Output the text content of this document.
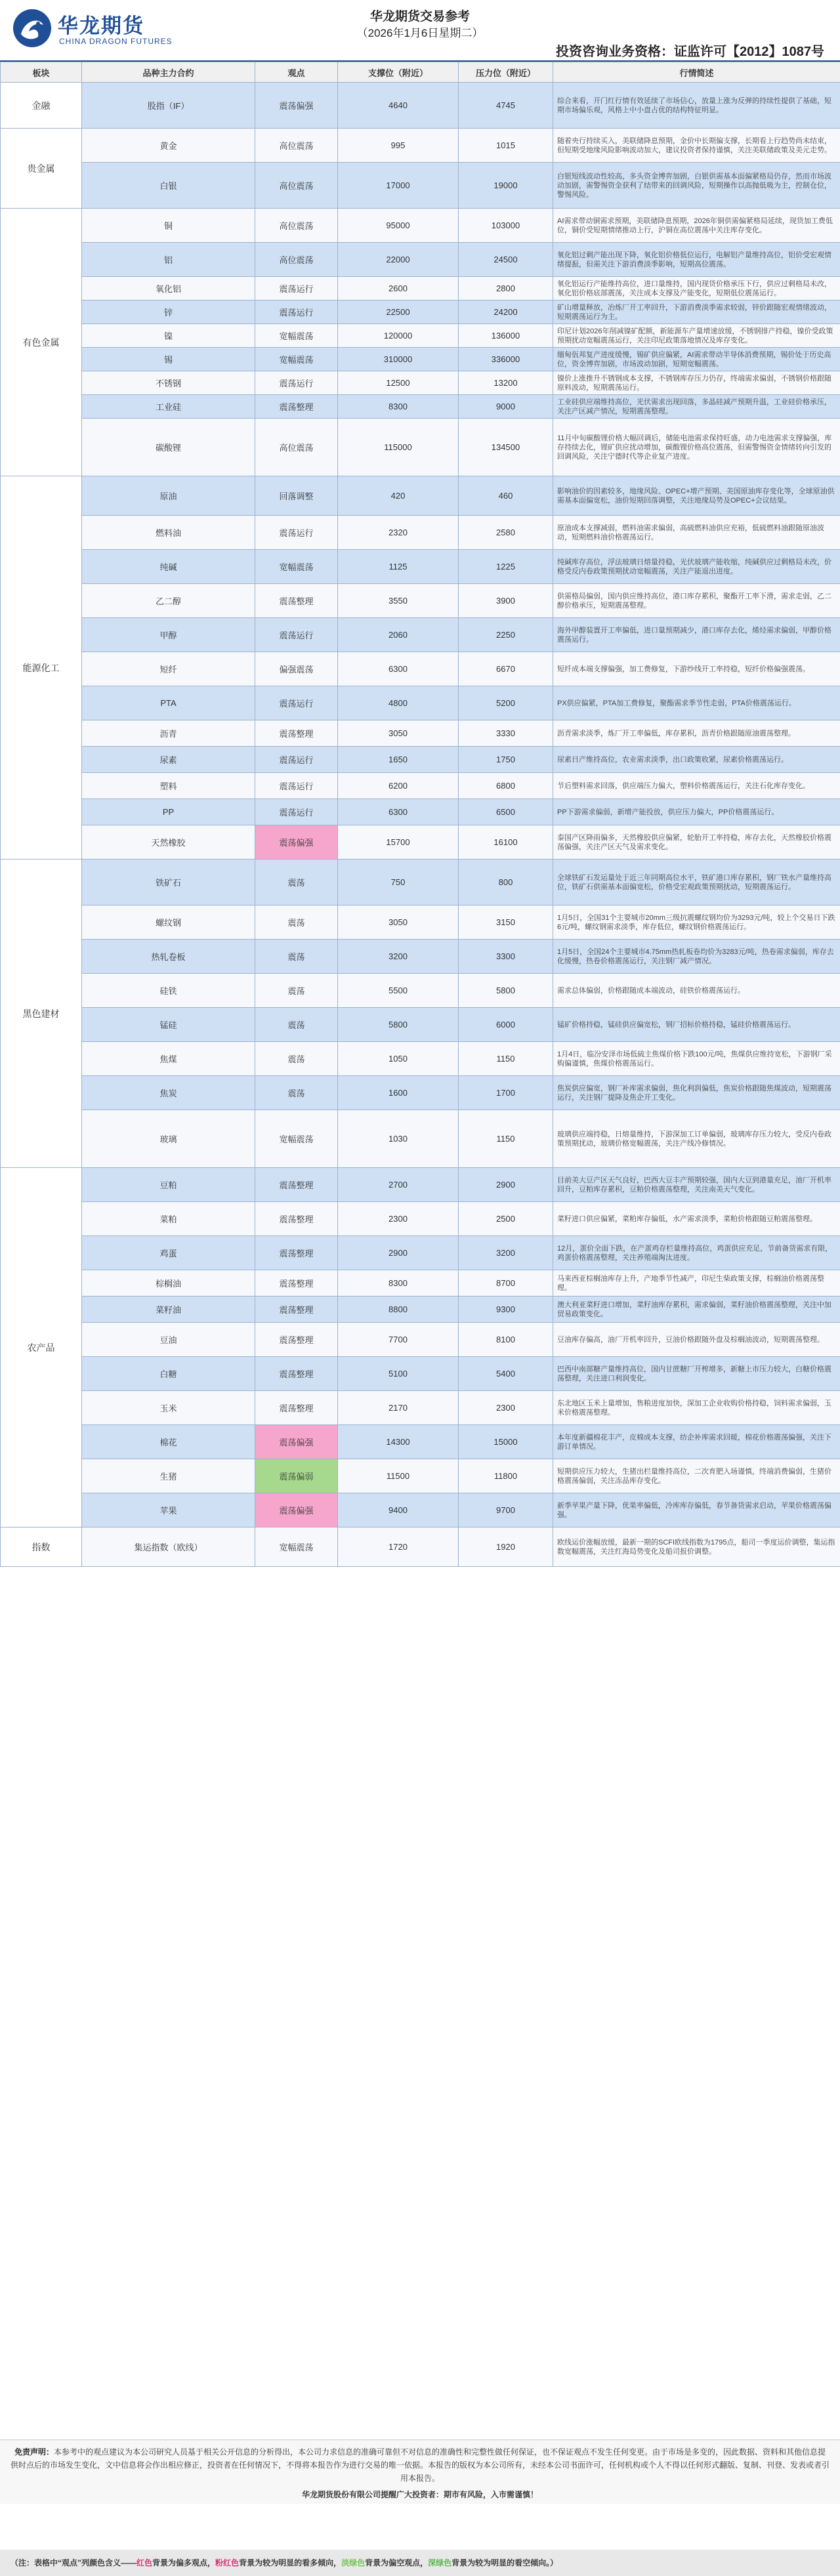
华龙期货
CHINA DRAGON FUTURES
华龙期货交易参考
（2026年1月6日星期二）
投资咨询业务资格：证监许可【2012】1087号
板块	品种主力合约	观点	支撑位（附近）	压力位（附近）	行情简述
金融	股指（IF）	震荡偏强	4640	4745	综合来看，开门红行情有效延续了市场信心，放量上涨为反弹的持续性提供了基础，短期市场偏乐观，风格上中小盘占优的结构特征明显。
贵金属	黄金	高位震荡	995	1015	随着央行持续买入，美联储降息预期，金价中长期偏支撑，长期看上行趋势尚未结束，但短期受地缘风险影响波动加大，建议投资者保持谨慎，关注美联储政策及美元走势。
	白银	高位震荡	17000	19000	白银短线波动性较高，多头资金博弈加剧，白银供需基本面偏紧格局仍存，然而市场波动加剧，需警惕资金获利了结带来的回调风险，短期操作以高抛低吸为主，控制仓位，警惕风险。
有色金属	铜	高位震荡	95000	103000	AI需求带动铜需求预期，美联储降息预期，2026年铜供需偏紧格局延续，现货加工费低位，铜价受短期情绪推动上行，沪铜在高位震荡中关注库存变化。
	铝	高位震荡	22000	24500	氧化铝过剩产能出现下降，氧化铝价格低位运行，电解铝产量维持高位，铝价受宏观情绪提振，但需关注下游消费淡季影响，短期高位震荡。
	氧化铝	震荡运行	2600	2800	氧化铝运行产能维持高位，进口量维持，国内现货价格承压下行，供应过剩格局未改，氧化铝价格底部震荡，关注成本支撑及产能变化，短期低位震荡运行。
	锌	震荡运行	22500	24200	矿山增量释放，冶炼厂开工率回升，下游消费淡季需求较弱，锌价跟随宏观情绪波动，短期震荡运行为主。
	镍	宽幅震荡	120000	136000	印尼计划2026年削减镍矿配额，新能源车产量增速放缓，不锈钢排产持稳，镍价受政策预期扰动宽幅震荡运行，关注印尼政策落地情况及库存变化。
	锡	宽幅震荡	310000	336000	缅甸佤邦复产进度缓慢，锡矿供应偏紧，AI需求带动半导体消费预期，锡价处于历史高位，资金博弈加剧，市场波动加剧，短期宽幅震荡。
	不锈钢	震荡运行	12500	13200	镍价上涨推升不锈钢成本支撑，不锈钢库存压力仍存，终端需求偏弱，不锈钢价格跟随原料波动，短期震荡运行。
	工业硅	震荡整理	8300	9000	工业硅供应端维持高位，光伏需求出现回落，多晶硅减产预期升温，工业硅价格承压，关注产区减产情况，短期震荡整理。
	碳酸锂	高位震荡	115000	134500	11月中旬碳酸锂价格大幅回调后，储能电池需求保持旺盛，动力电池需求支撑偏强，库存持续去化，锂矿供应扰动增加，碳酸锂价格高位震荡，但需警惕资金情绪转向引发的回调风险，关注宁德时代等企业复产进度。
能源化工	原油	回落调整	420	460	影响油价的因素较多，地缘风险、OPEC+增产预期、美国原油库存变化等，全球原油供需基本面偏宽松，油价短期回落调整，关注地缘局势及OPEC+会议结果。
	燃料油	震荡运行	2320	2580	原油成本支撑减弱，燃料油需求偏弱，高硫燃料油供应充裕，低硫燃料油跟随原油波动，短期燃料油价格震荡运行。
	纯碱	宽幅震荡	1125	1225	纯碱库存高位，浮法玻璃日熔量持稳，光伏玻璃产能收缩，纯碱供应过剩格局未改，价格受反内卷政策预期扰动宽幅震荡，关注产能退出进度。
	乙二醇	震荡整理	3550	3900	供需格局偏弱，国内供应维持高位，港口库存累积，聚酯开工率下滑，需求走弱，乙二醇价格承压，短期震荡整理。
	甲醇	震荡运行	2060	2250	海外甲醇装置开工率偏低，进口量预期减少，港口库存去化，烯烃需求偏弱，甲醇价格震荡运行。
	短纤	偏强震荡	6300	6670	短纤成本端支撑偏强，加工费修复，下游纱线开工率持稳，短纤价格偏强震荡。
	PTA	震荡运行	4800	5200	PX供应偏紧，PTA加工费修复，聚酯需求季节性走弱，PTA价格震荡运行。
	沥青	震荡整理	3050	3330	沥青需求淡季，炼厂开工率偏低，库存累积，沥青价格跟随原油震荡整理。
	尿素	震荡运行	1650	1750	尿素日产维持高位，农业需求淡季，出口政策收紧，尿素价格震荡运行。
	塑料	震荡运行	6200	6800	节后塑料需求回落，供应端压力偏大，塑料价格震荡运行，关注石化库存变化。
	PP	震荡运行	6300	6500	PP下游需求偏弱，新增产能投放，供应压力偏大，PP价格震荡运行。
	天然橡胶	震荡偏强	15700	16100	泰国产区降雨偏多，天然橡胶供应偏紧，轮胎开工率持稳，库存去化，天然橡胶价格震荡偏强，关注产区天气及需求变化。
黑色建材	铁矿石	震荡	750	800	全球铁矿石发运量处于近三年同期高位水平，铁矿港口库存累积，钢厂铁水产量维持高位，铁矿石供需基本面偏宽松，价格受宏观政策预期扰动，短期震荡运行。
	螺纹钢	震荡	3050	3150	1月5日，全国31个主要城市20mm三级抗震螺纹钢均价为3293元/吨，较上个交易日下跌6元/吨，螺纹钢需求淡季，库存低位，螺纹钢价格震荡运行。
	热轧卷板	震荡	3200	3300	1月5日，全国24个主要城市4.75mm热轧板卷均价为3283元/吨，热卷需求偏弱，库存去化缓慢，热卷价格震荡运行，关注钢厂减产情况。
	硅铁	震荡	5500	5800	需求总体偏弱，价格跟随成本端波动，硅铁价格震荡运行。
	锰硅	震荡	5800	6000	锰矿价格持稳，锰硅供应偏宽松，钢厂招标价格持稳，锰硅价格震荡运行。
	焦煤	震荡	1050	1150	1月4日，临汾安泽市场低硫主焦煤价格下跌100元/吨，焦煤供应维持宽松，下游钢厂采购偏谨慎，焦煤价格震荡运行。
	焦炭	震荡	1600	1700	焦炭供应偏宽，钢厂补库需求偏弱，焦化利润偏低，焦炭价格跟随焦煤波动，短期震荡运行，关注钢厂提降及焦企开工变化。
	玻璃	宽幅震荡	1030	1150	玻璃供应端持稳，日熔量维持，下游深加工订单偏弱，玻璃库存压力较大，受反内卷政策预期扰动，玻璃价格宽幅震荡，关注产线冷修情况。
农产品	豆粕	震荡整理	2700	2900	目前美大豆产区天气良好，巴西大豆丰产预期较强，国内大豆到港量充足，油厂开机率回升，豆粕库存累积，豆粕价格震荡整理，关注南美天气变化。
	菜粕	震荡整理	2300	2500	菜籽进口供应偏紧，菜粕库存偏低，水产需求淡季，菜粕价格跟随豆粕震荡整理。
	鸡蛋	震荡整理	2900	3200	12月，蛋价全面下跌，在产蛋鸡存栏量维持高位，鸡蛋供应充足，节前备货需求有限，鸡蛋价格震荡整理，关注养殖端淘汰进度。
	棕榈油	震荡整理	8300	8700	马来西亚棕榈油库存上升，产地季节性减产，印尼生柴政策支撑，棕榈油价格震荡整理。
	菜籽油	震荡整理	8800	9300	澳大利亚菜籽进口增加，菜籽油库存累积，需求偏弱，菜籽油价格震荡整理，关注中加贸易政策变化。
	豆油	震荡整理	7700	8100	豆油库存偏高，油厂开机率回升，豆油价格跟随外盘及棕榈油波动，短期震荡整理。
	白糖	震荡整理	5100	5400	巴西中南部糖产量维持高位，国内甘蔗糖厂开榨增多，新糖上市压力较大，白糖价格震荡整理，关注进口利润变化。
	玉米	震荡整理	2170	2300	东北地区玉米上量增加，售粮进度加快，深加工企业收购价格持稳，饲料需求偏弱，玉米价格震荡整理。
	棉花	震荡偏强	14300	15000	本年度新疆棉花丰产，皮棉成本支撑，纺企补库需求回暖，棉花价格震荡偏强，关注下游订单情况。
	生猪	震荡偏弱	11500	11800	短期供应压力较大，生猪出栏量维持高位，二次育肥入场谨慎，终端消费偏弱，生猪价格震荡偏弱，关注冻品库存变化。
	苹果	震荡偏强	9400	9700	新季苹果产量下降，优果率偏低，冷库库存偏低，春节备货需求启动，苹果价格震荡偏强。
指数	集运指数（欧线）	宽幅震荡	1720	1920	欧线运价涨幅放缓，最新一期的SCFI欧线指数为1795点，船司一季度运价调整，集运指数宽幅震荡，关注红海局势变化及船司报价调整。
免责声明：本参考中的观点建议为本公司研究人员基于相关公开信息的分析得出，本公司力求信息的准确可靠但不对信息的准确性和完整性做任何保证，也不保证观点不发生任何变更。由于市场是多变的，因此数据、资料和其他信息提供时点后的市场发生变化，文中信息将会作出相应修正，投资者在任何情况下，不得将本报告作为进行交易的唯一依据。本报告的版权为本公司所有，未经本公司书面许可，任何机构或个人不得以任何形式翻版、复制、刊登、发表或者引用本报告。
华龙期货股份有限公司提醒广大投资者：期市有风险，入市需谨慎！
（注：表格中“观点”列颜色含义——红色背景为偏多观点，粉红色背景为较为明显的看多倾向，淡绿色背景为偏空观点，深绿色背景为较为明显的看空倾向。）
